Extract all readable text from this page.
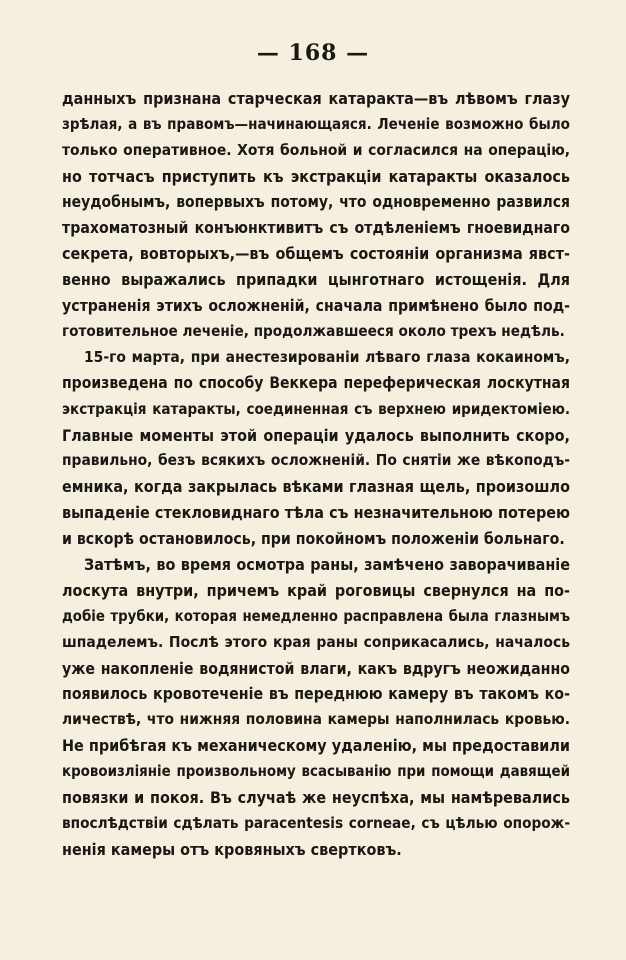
— 168 —
данныхъ признана старческая катаракта—въ лѣвомъ глазу
зрѣлая, а въ правомъ—начинающаяся. Леченіе возможно было
только оперативное. Хотя больной и согласился на операцію,
но тотчасъ приступить къ экстракціи катаракты оказалось
неудобнымъ, вопервыхъ потому, что одновременно развился
трахоматозный конъюнктивитъ съ отдѣленіемъ гноевиднаго
секрета, вовторыхъ,—въ общемъ состояніи организма явст-
венно выражались припадки цынготнаго истощенія. Для
устраненія этихъ осложненій, сначала примѣнено было под-
готовительное леченіе, продолжавшееся около трехъ недѣль.
15-го марта, при анестезированіи лѣваго глаза кокаиномъ,
произведена по способу Веккера переферическая лоскутная
экстракція катаракты, соединенная съ верхнею иридектоміею.
Главные моменты этой операціи удалось выполнить скоро,
правильно, безъ всякихъ осложненій. По снятіи же вѣкоподъ-
емника, когда закрылась вѣками глазная щель, произошло
выпаденіе стекловиднаго тѣла съ незначительною потерею
и вскорѣ остановилось, при покойномъ положеніи больнаго.
Затѣмъ, во время осмотра раны, замѣчено заворачиваніе
лоскута внутри, причемъ край роговицы свернулся на по-
добіе трубки, которая немедленно расправлена была глазнымъ
шпаделемъ. Послѣ этого края раны соприкасались, началось
уже накопленіе водянистой влаги, какъ вдругъ неожиданно
появилось кровотеченіе въ переднюю камеру въ такомъ ко-
личествѣ, что нижняя половина камеры наполнилась кровью.
Не прибѣгая къ механическому удаленію, мы предоставили
кровоизліяніе произвольному всасыванію при помощи давящей
повязки и покоя. Въ случаѣ же неуспѣха, мы намѣревались
впослѣдствіи сдѣлать paracentesis corneae, съ цѣлью опорож-
ненія камеры отъ кровяныхъ свертковъ.
